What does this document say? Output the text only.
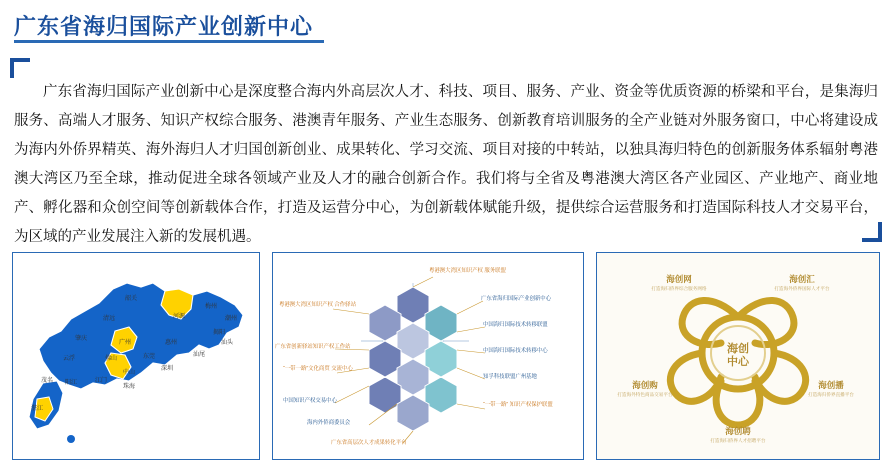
广东省海归国际产业创新中心
广东省海归国际产业创新中心是深度整合海内外高层次人才、科技、项目、服务、产业、资金等优质资源的桥梁和平台，是集海归服务、高端人才服务、知识产权综合服务、港澳青年服务、产业生态服务、创新教育培训服务的全产业链对外服务窗口，中心将建设成为海内外侨界精英、海外海归人才归国创新创业、成果转化、学习交流、项目对接的中转站，以独具海归特色的创新服务体系辐射粤港澳大湾区乃至全球，推动促进全球各领域产业及人才的融合创新合作。我们将与全省及粤港澳大湾区各产业园区、产业地产、商业地产、孵化器和众创空间等创新载体合作，打造及运营分中心，为创新载体赋能升级，提供综合运营服务和打造国际科技人才交易平台，为区域的产业发展注入新的发展机遇。
韶关
清远	河源
梅州
肇庆
广州	惠州
汕尾
云浮	佛山	东莞
中山
深圳
珠海
江门
阳江
茂名
湛江
揭阳
潮州
汕头
粤港澳大湾区知识产权 服务联盟
粤港澳大湾区知识产权 合作驿站
广东省海归国际产业创新中心
中国海归国际技术转移联盟
中国海归国际技术转移中心
知孚科技联盟广州基地
广东省创新驿站知识产权工作站
“一带一路”文化商贸 交流中心
中国知识产权交易中心
海内外侨商委员会
“一带一路” 知识产权保护联盟
广东省高层次人才成果转化平台
海创
中心
海创网
打造海归侨界综合服务网络
海创汇
打造海外侨界国际人才平台
海创购
打造海外特色商品交易平台
海创播
打造海归侨界直播平台
海创聘
打造海归侨界人才招聘平台
